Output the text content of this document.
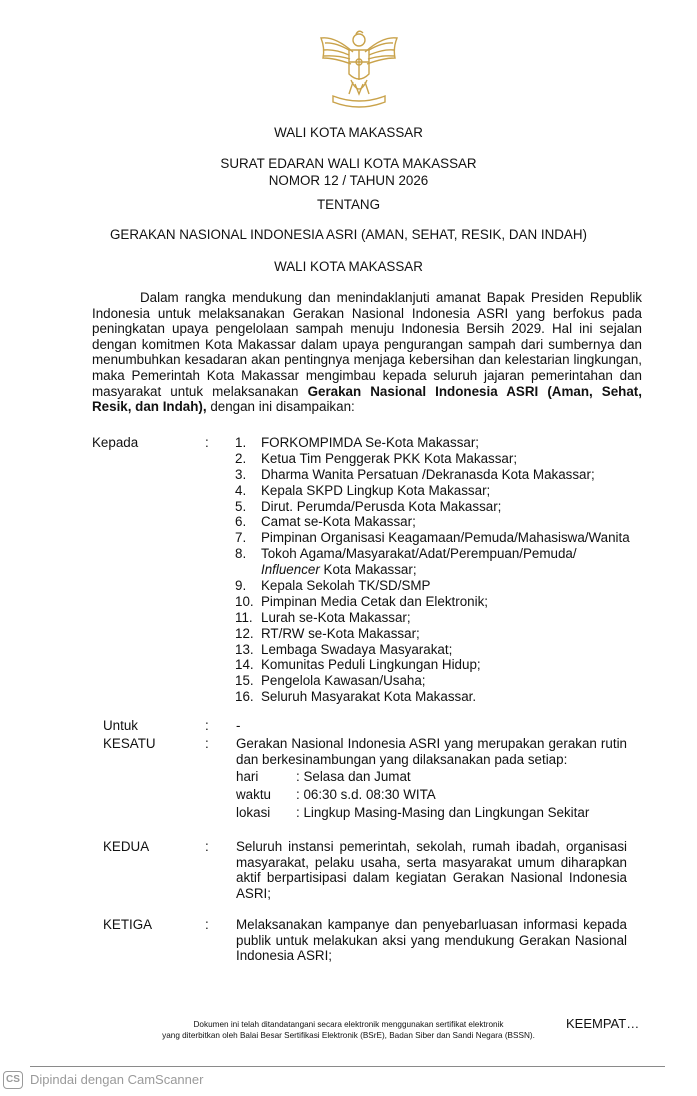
WALI KOTA MAKASSAR
SURAT EDARAN WALI KOTA MAKASSAR
NOMOR 12 / TAHUN 2026
TENTANG
GERAKAN NASIONAL INDONESIA ASRI (AMAN, SEHAT, RESIK, DAN INDAH)
WALI KOTA MAKASSAR
Dalam rangka mendukung dan menindaklanjuti amanat Bapak Presiden Republik Indonesia untuk melaksanakan Gerakan Nasional Indonesia ASRI yang berfokus pada peningkatan upaya pengelolaan sampah menuju Indonesia Bersih 2029. Hal ini sejalan dengan komitmen Kota Makassar dalam upaya pengurangan sampah dari sumbernya dan menumbuhkan kesadaran akan pentingnya menjaga kebersihan dan kelestarian lingkungan, maka Pemerintah Kota Makassar mengimbau kepada seluruh jajaran pemerintahan dan masyarakat untuk melaksanakan Gerakan Nasional Indonesia ASRI (Aman, Sehat, Resik, dan Indah), dengan ini disampaikan:
Kepada	: 1. FORKOMPIMDA Se-Kota Makassar;
2. Ketua Tim Penggerak PKK Kota Makassar;
3. Dharma Wanita Persatuan /Dekranasda Kota Makassar;
4. Kepala SKPD Lingkup Kota Makassar;
5. Dirut. Perumda/Perusda Kota Makassar;
6. Camat se-Kota Makassar;
7. Pimpinan Organisasi Keagamaan/Pemuda/Mahasiswa/Wanita
8. Tokoh Agama/Masyarakat/Adat/Perempuan/Pemuda/
Influencer Kota Makassar;
9. Kepala Sekolah TK/SD/SMP
10. Pimpinan Media Cetak dan Elektronik;
11. Lurah se-Kota Makassar;
12. RT/RW se-Kota Makassar;
13. Lembaga Swadaya Masyarakat;
14. Komunitas Peduli Lingkungan Hidup;
15. Pengelola Kawasan/Usaha;
16. Seluruh Masyarakat Kota Makassar.
Untuk	: -
KESATU	: Gerakan Nasional Indonesia ASRI yang merupakan gerakan rutin dan berkesinambungan yang dilaksanakan pada setiap:
hari	: Selasa dan Jumat
waktu : 06:30 s.d. 08:30 WITA
lokasi : Lingkup Masing-Masing dan Lingkungan Sekitar
KEDUA	: Seluruh instansi pemerintah, sekolah, rumah ibadah, organisasi masyarakat, pelaku usaha, serta masyarakat umum diharapkan aktif berpartisipasi dalam kegiatan Gerakan Nasional Indonesia ASRI;
KETIGA	: Melaksanakan kampanye dan penyebarluasan informasi kepada publik untuk melakukan aksi yang mendukung Gerakan Nasional Indonesia ASRI;
Dokumen ini telah ditandatangani secara elektronik menggunakan sertifikat elektronik
yang diterbitkan oleh Balai Besar Sertifikasi Elektronik (BSrE), Badan Siber dan Sandi Negara (BSSN).
KEEMPAT…
CS Dipindai dengan CamScanner
